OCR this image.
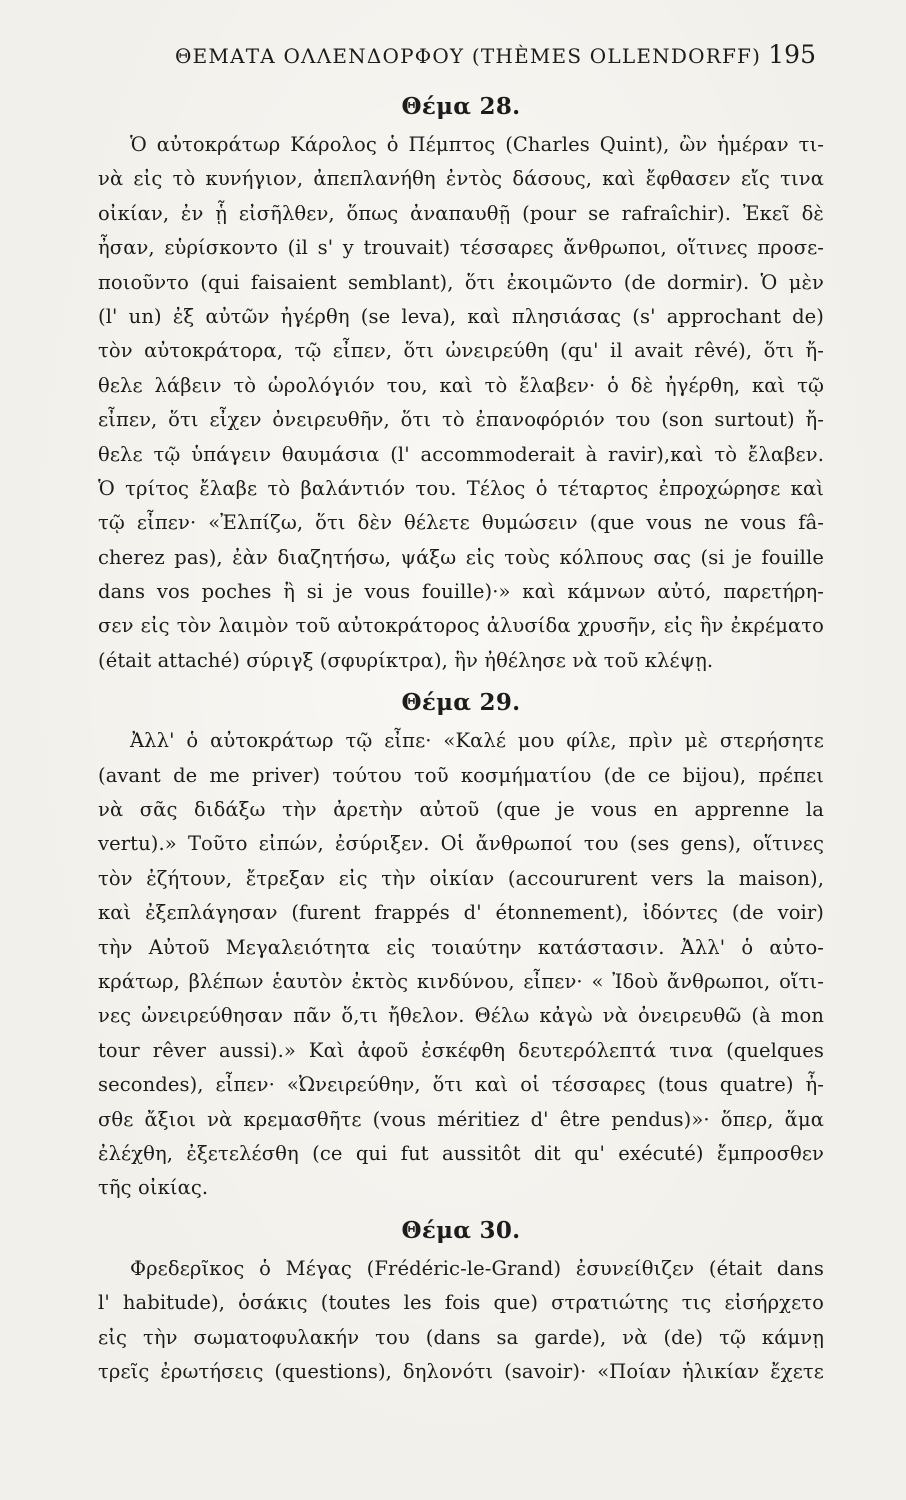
ΘΕΜΑΤΑ ΟΛΛΕΝΔΟΡΦΟΥ (THÈMES OLLENDORFF) 195
Θέμα 28.
Ὁ αὐτοκράτωρ Κάρολος ὁ Πέμπτος (Charles Quint), ὢν ἡμέραν τι-
νὰ εἰς τὸ κυνήγιον, ἀπεπλανήθη ἐντὸς δάσους, καὶ ἔφθασεν εἴς τινα
οἰκίαν, ἐν ᾗ εἰσῆλθεν, ὅπως ἀναπαυθῇ (pour se rafraîchir). Ἐκεῖ δὲ
ἦσαν, εὑρίσκοντο (il s' y trouvait) τέσσαρες ἄνθρωποι, οἵτινες προσε-
ποιοῦντο (qui faisaient semblant), ὅτι ἐκοιμῶντο (de dormir). Ὁ μὲν
(l' un) ἐξ αὐτῶν ἠγέρθη (se leva), καὶ πλησιάσας (s' approchant de)
τὸν αὐτοκράτορα, τῷ εἶπεν, ὅτι ὠνειρεύθη (qu' il avait rêvé), ὅτι ἤ-
θελε λάβειν τὸ ὡρολόγιόν του, καὶ τὸ ἔλαβεν· ὁ δὲ ἠγέρθη, καὶ τῷ
εἶπεν, ὅτι εἶχεν ὀνειρευθῆν, ὅτι τὸ ἐπανοφόριόν του (son surtout) ἤ-
θελε τῷ ὑπάγειν θαυμάσια (l' accommoderait à ravir),καὶ τὸ ἔλαβεν.
Ὁ τρίτος ἔλαβε τὸ βαλάντιόν του. Τέλος ὁ τέταρτος ἐπροχώρησε καὶ
τῷ εἶπεν· «Ἐλπίζω, ὅτι δὲν θέλετε θυμώσειν (que vous ne vous fâ-
cherez pas), ἐὰν διαζητήσω, ψάξω εἰς τοὺς κόλπους σας (si je fouille
dans vos poches ἢ si je vous fouille)·» καὶ κάμνων αὐτό, παρετήρη-
σεν εἰς τὸν λαιμὸν τοῦ αὐτοκράτορος ἀλυσίδα χρυσῆν, εἰς ἣν ἐκρέματο
(était attaché) σύριγξ (σφυρίκτρα), ἣν ἠθέλησε νὰ τοῦ κλέψῃ.
Θέμα 29.
Ἀλλ' ὁ αὐτοκράτωρ τῷ εἶπε· «Καλέ μου φίλε, πρὶν μὲ στερήσητε
(avant de me priver) τούτου τοῦ κοσμήματίου (de ce bijou), πρέπει
νὰ σᾶς διδάξω τὴν ἀρετὴν αὐτοῦ (que je vous en apprenne la
vertu).» Τοῦτο εἰπών, ἐσύριξεν. Οἱ ἄνθρωποί του (ses gens), οἵτινες
τὸν ἐζήτουν, ἔτρεξαν εἰς τὴν οἰκίαν (accoururent vers la maison),
καὶ ἐξεπλάγησαν (furent frappés d' étonnement), ἰδόντες (de voir)
τὴν Αὐτοῦ Μεγαλειότητα εἰς τοιαύτην κατάστασιν. Ἀλλ' ὁ αὐτο-
κράτωρ, βλέπων ἑαυτὸν ἐκτὸς κινδύνου, εἶπεν· « Ἰδοὺ ἄνθρωποι, οἵτι-
νες ὠνειρεύθησαν πᾶν ὅ,τι ἤθελον. Θέλω κἀγὼ νὰ ὀνειρευθῶ (à mon
tour rêver aussi).» Καὶ ἀφοῦ ἐσκέφθη δευτερόλεπτά τινα (quelques
secondes), εἶπεν· «Ὠνειρεύθην, ὅτι καὶ οἱ τέσσαρες (tous quatre) ἦ-
σθε ἄξιοι νὰ κρεμασθῆτε (vous méritiez d' être pendus)»· ὅπερ, ἅμα
ἐλέχθη, ἐξετελέσθη (ce qui fut aussitôt dit qu' exécuté) ἔμπροσθεν
τῆς οἰκίας.
Θέμα 30.
Φρεδερῖκος ὁ Μέγας (Frédéric-le-Grand) ἐσυνείθιζεν (était dans
l' habitude), ὁσάκις (toutes les fois que) στρατιώτης τις εἰσήρχετο
εἰς τὴν σωματοφυλακήν του (dans sa garde), νὰ (de) τῷ κάμνῃ
τρεῖς ἐρωτήσεις (questions), δηλονότι (savoir)· «Ποίαν ἡλικίαν ἔχετε
